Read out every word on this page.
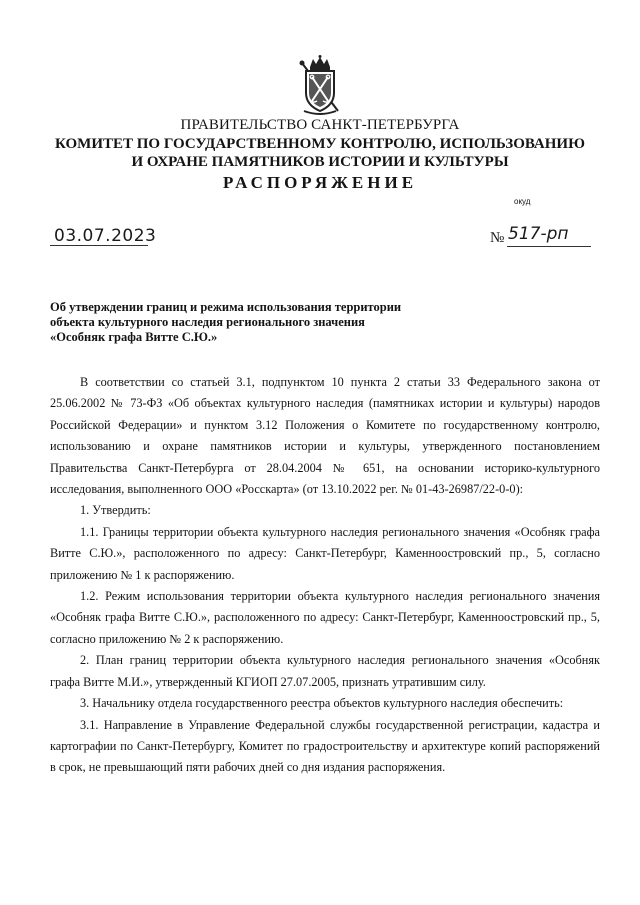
ПРАВИТЕЛЬСТВО САНКТ-ПЕТЕРБУРГА
КОМИТЕТ ПО ГОСУДАРСТВЕННОМУ КОНТРОЛЮ, ИСПОЛЬЗОВАНИЮ
И ОХРАНЕ ПАМЯТНИКОВ ИСТОРИИ И КУЛЬТУРЫ
РАСПОРЯЖЕНИЕ
окуд
03.07.2023	№ 517-рп
Об утверждении границ и режима использования территории
объекта культурного наследия регионального значения
«Особняк графа Витте С.Ю.»

В соответствии со статьей 3.1, подпунктом 10 пункта 2 статьи 33 Федерального закона от 25.06.2002 № 73-ФЗ «Об объектах культурного наследия (памятниках истории и культуры) народов Российской Федерации» и пунктом 3.12 Положения о Комитете по государственному контролю, использованию и охране памятников истории и культуры, утвержденного постановлением Правительства Санкт-Петербурга от 28.04.2004 № 651, на основании историко-культурного исследования, выполненного ООО «Росскарта» (от 13.10.2022 рег. № 01-43-26987/22-0-0):

1. Утвердить:

1.1. Границы территории объекта культурного наследия регионального значения «Особняк графа Витте С.Ю.», расположенного по адресу: Санкт-Петербург, Каменноостровский пр., 5, согласно приложению № 1 к распоряжению.

1.2. Режим использования территории объекта культурного наследия регионального значения «Особняк графа Витте С.Ю.», расположенного по адресу: Санкт-Петербург, Каменноостровский пр., 5, согласно приложению № 2 к распоряжению.

2. План границ территории объекта культурного наследия регионального значения «Особняк графа Витте М.И.», утвержденный КГИОП 27.07.2005, признать утратившим силу.

3. Начальнику отдела государственного реестра объектов культурного наследия обеспечить:

3.1. Направление в Управление Федеральной службы государственной регистрации, кадастра и картографии по Санкт-Петербургу, Комитет по градостроительству и архитектуре копий распоряжений в срок, не превышающий пяти рабочих дней со дня издания распоряжения.
